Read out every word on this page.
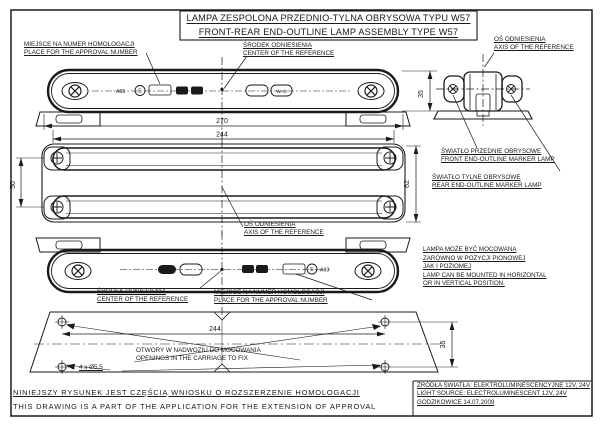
A03	E	WAŚ
270
244
35
50	62
E A03
244
35
LAMPA ZESPOLONA PRZEDNIO-TYLNA OBRYSOWA TYPU W57
FRONT-REAR END-OUTLINE LAMP ASSEMBLY TYPE W57
MIEJSCE NA NUMER HOMOLOGACJI
PLACE FOR THE APPROVAL NUMBER
ŚRODEK ODNIESIENIA
CENTER OF THE REFERENCE
OŚ ODNIESIENIA
AXIS OF THE REFERENCE
ŚWIATŁO PRZEDNIE OBRYSOWE
FRONT END-OUTLINE MARKER LAMP
ŚWIATŁO TYLNE OBRYSOWE
REAR END-OUTLINE MARKER LAMP
OŚ ODNIESIENIA
AXIS OF THE REFERENCE
ŚRODEK ODNIESIENIA
CENTER OF THE REFERENCE
MIEJSCE NA NUMER HOMOLOGACJI
PLACE FOR THE APPROVAL NUMBER
OTWORY W NADWOZIU DO MOCOWANIA
OPENINGS IN THE CARRIAGE TO FIX
4 x Ø5,5
LAMPA MOŻE BYĆ MOCOWANA
ZARÓWNO W POZYCJI PIONOWEJ
JAK I POZIOMEJ
LAMP CAN BE MOUNTED IN HORIZONTAL
OR IN VERTICAL POSITION.
NINIEJSZY RYSUNEK JEST CZĘŚCIĄ WNIOSKU O ROZSZERZENIE HOMOLOGACJI
THIS DRAWING IS A PART OF THE APPLICATION FOR THE EXTENSION OF APPROVAL
ŹRÓDŁA ŚWIATŁA: ELEKTROLUMINESCENCYJNE 12V, 24V
LIGHT SOURCE: ELECTROLUMINESCENT 12V, 24V
GODZIKOWICE 14.07.2009
